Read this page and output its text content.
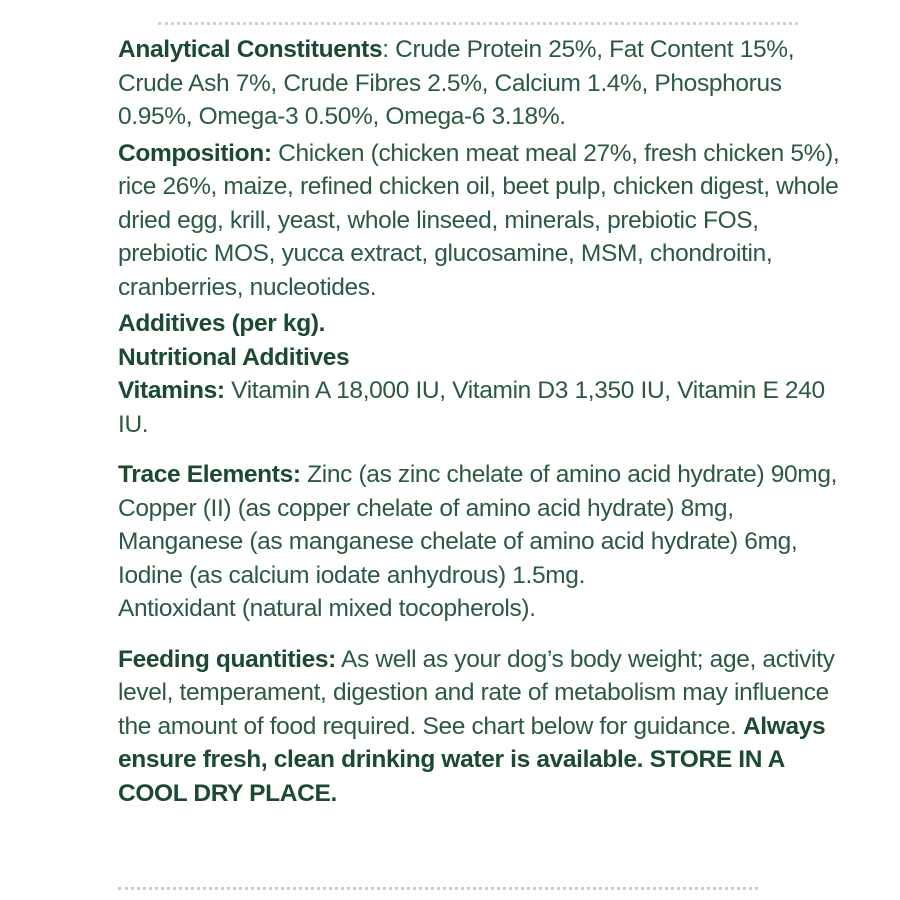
Analytical Constituents: Crude Protein 25%, Fat Content 15%, Crude Ash 7%, Crude Fibres 2.5%, Calcium 1.4%, Phosphorus 0.95%, Omega-3 0.50%, Omega-6 3.18%.

Composition: Chicken (chicken meat meal 27%, fresh chicken 5%), rice 26%, maize, refined chicken oil, beet pulp, chicken digest, whole dried egg, krill, yeast, whole linseed, minerals, prebiotic FOS, prebiotic MOS, yucca extract, glucosamine, MSM, chondroitin, cranberries, nucleotides.

Additives (per kg).

Nutritional Additives

Vitamins: Vitamin A 18,000 IU, Vitamin D3 1,350 IU, Vitamin E 240 IU.

Trace Elements: Zinc (as zinc chelate of amino acid hydrate) 90mg, Copper (II) (as copper chelate of amino acid hydrate) 8mg, Manganese (as manganese chelate of amino acid hydrate) 6mg, Iodine (as calcium iodate anhydrous) 1.5mg.

Antioxidant (natural mixed tocopherols).

Feeding quantities: As well as your dog’s body weight; age, activity level, temperament, digestion and rate of metabolism may influence the amount of food required. See chart below for guidance. Always ensure fresh, clean drinking water is available. STORE IN A COOL DRY PLACE.
